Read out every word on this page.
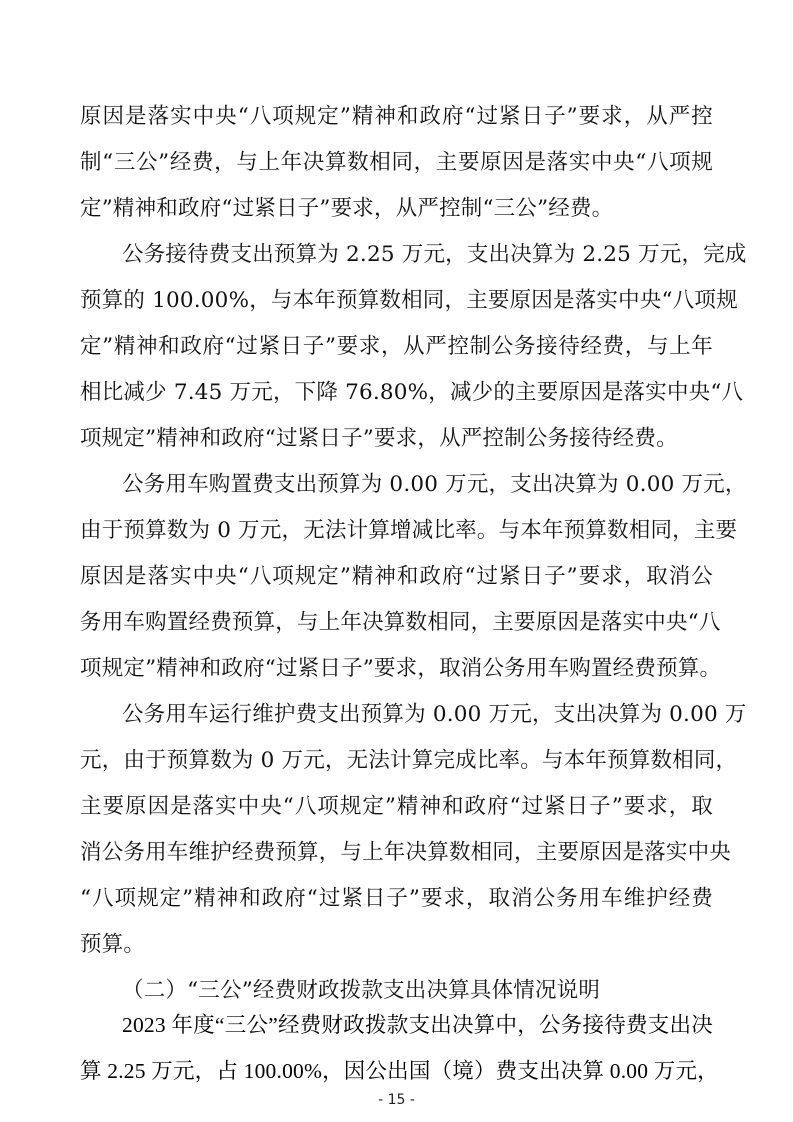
原因是落实中央“八项规定”精神和政府“过紧日子”要求，从严控
制“三公”经费，与上年决算数相同，主要原因是落实中央“八项规
定”精神和政府“过紧日子”要求，从严控制“三公”经费。
公务接待费支出预算为 2.25 万元，支出决算为 2.25 万元，完成
预算的 100.00%，与本年预算数相同，主要原因是落实中央“八项规
定”精神和政府“过紧日子”要求，从严控制公务接待经费，与上年
相比减少 7.45 万元，下降 76.80%，减少的主要原因是落实中央“八
项规定”精神和政府“过紧日子”要求，从严控制公务接待经费。
公务用车购置费支出预算为 0.00 万元，支出决算为 0.00 万元，
由于预算数为 0 万元，无法计算增减比率。与本年预算数相同，主要
原因是落实中央“八项规定”精神和政府“过紧日子”要求，取消公
务用车购置经费预算，与上年决算数相同，主要原因是落实中央“八
项规定”精神和政府“过紧日子”要求，取消公务用车购置经费预算。
公务用车运行维护费支出预算为 0.00 万元，支出决算为 0.00 万
元，由于预算数为 0 万元，无法计算完成比率。与本年预算数相同，
主要原因是落实中央“八项规定”精神和政府“过紧日子”要求，取
消公务用车维护经费预算，与上年决算数相同，主要原因是落实中央
“八项规定”精神和政府“过紧日子”要求，取消公务用车维护经费
预算。
（二）“三公”经费财政拨款支出决算具体情况说明
2023 年度“三公”经费财政拨款支出决算中，公务接待费支出决
算 2.25 万元，占 100.00%，因公出国（境）费支出决算 0.00 万元，
- 15 -
